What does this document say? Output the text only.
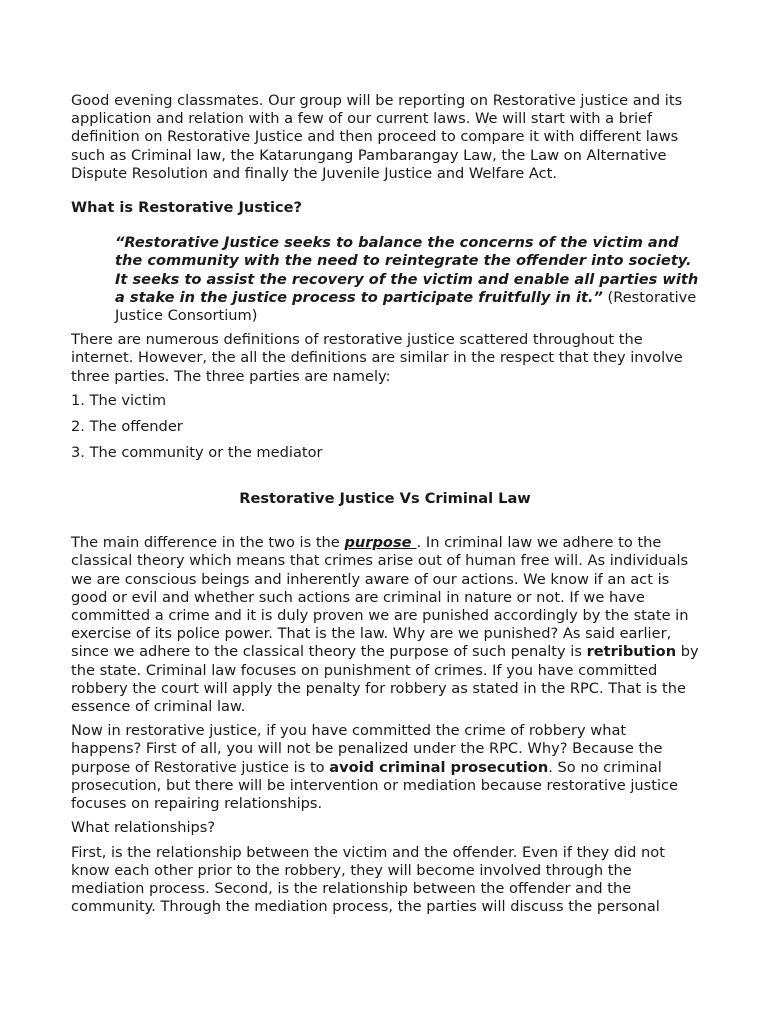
Good evening classmates. Our group will be reporting on Restorative justice and its application and relation with a few of our current laws. We will start with a brief definition on Restorative Justice and then proceed to compare it with different laws such as Criminal law, the Katarungang Pambarangay Law, the Law on Alternative Dispute Resolution and finally the Juvenile Justice and Welfare Act.

What is Restorative Justice?

“Restorative Justice seeks to balance the concerns of the victim and the community with the need to reintegrate the offender into society. It seeks to assist the recovery of the victim and enable all parties with a stake in the justice process to participate fruitfully in it.” (Restorative Justice Consortium)

There are numerous definitions of restorative justice scattered throughout the internet. However, the all the definitions are similar in the respect that they involve three parties. The three parties are namely:

1. The victim

2. The offender

3. The community or the mediator

Restorative Justice Vs Criminal Law

The main difference in the two is the purpose . In criminal law we adhere to the classical theory which means that crimes arise out of human free will. As individuals we are conscious beings and inherently aware of our actions. We know if an act is good or evil and whether such actions are criminal in nature or not. If we have committed a crime and it is duly proven we are punished accordingly by the state in exercise of its police power. That is the law. Why are we punished? As said earlier, since we adhere to the classical theory the purpose of such penalty is retribution by the state. Criminal law focuses on punishment of crimes. If you have committed robbery the court will apply the penalty for robbery as stated in the RPC. That is the essence of criminal law.

Now in restorative justice, if you have committed the crime of robbery what happens? First of all, you will not be penalized under the RPC. Why? Because the purpose of Restorative justice is to avoid criminal prosecution. So no criminal prosecution, but there will be intervention or mediation because restorative justice focuses on repairing relationships.

What relationships?

First, is the relationship between the victim and the offender. Even if they did not know each other prior to the robbery, they will become involved through the mediation process. Second, is the relationship between the offender and the community. Through the mediation process, the parties will discuss the personal
